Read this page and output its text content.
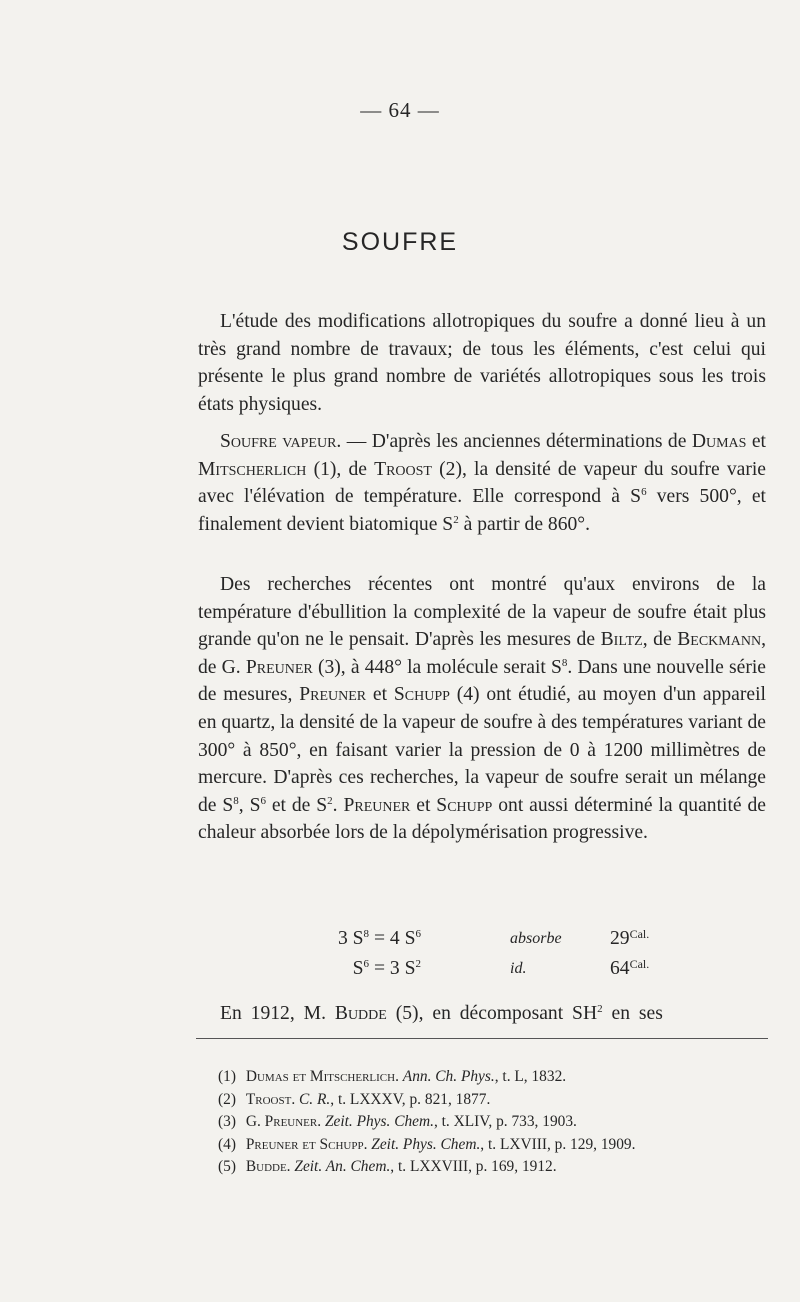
— 64 —
SOUFRE

L'étude des modifications allotropiques du soufre a donné lieu à un très grand nombre de travaux; de tous les éléments, c'est celui qui présente le plus grand nombre de variétés allotropiques sous les trois états physiques.

Soufre vapeur. — D'après les anciennes déterminations de Dumas et Mitscherlich (1), de Troost (2), la densité de vapeur du soufre varie avec l'élévation de température. Elle correspond à $S^6$ vers 500°, et finalement devient biatomique $S^2$ à partir de 860°.

Des recherches récentes ont montré qu'aux environs de la température d'ébullition la complexité de la vapeur de soufre était plus grande qu'on ne le pensait. D'après les mesures de Biltz, de Beckmann, de G. Preuner (3), à 448° la molécule serait $S^8$. Dans une nouvelle série de mesures, Preuner et Schupp (4) ont étudié, au moyen d'un appareil en quartz, la densité de la vapeur de soufre à des températures variant de 300° à 850°, en faisant varier la pression de 0 à 1200 millimètres de mercure. D'après ces recherches, la vapeur de soufre serait un mélange de $S^8$, $S^6$ et de $S^2$. Preuner et Schupp ont aussi déterminé la quantité de chaleur absorbée lors de la dépolymérisation progressive.

3 $S^8 = 4$ $S^6$	absorbe $29^{Cal.}$
$S^6 = 3$ $S^2$	id.	$64^{Cal.}$

En 1912, M. Budde (5), en décomposant $SH^2$ en ses

(1) Dumas et Mitscherlich. Ann. Ch. Phys., t. L, 1832.
(2) Troost. C. R., t. LXXXV, p. 821, 1877.
(3) G. Preuner. Zeit. Phys. Chem., t. XLIV, p. 733, 1903.
(4) Preuner et Schupp. Zeit. Phys. Chem., t. LXVIII, p. 129, 1909.
(5) Budde. Zeit. An. Chem., t. LXXVIII, p. 169, 1912.
